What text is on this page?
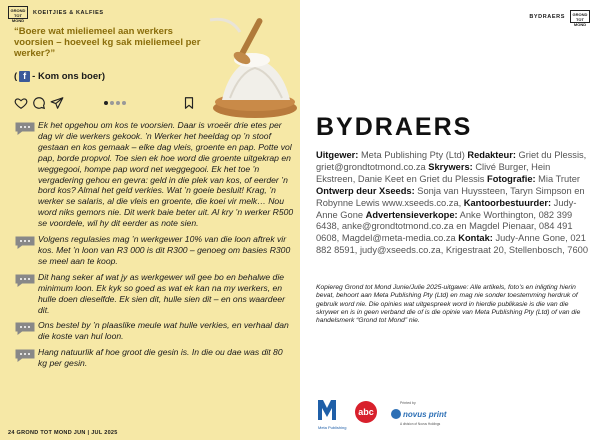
GROND TOT MOND
KOEITJIES & KALFIES
“Boere wat mieliemeel aan werkers voorsien – hoeveel kg sak mieliemeel per werker?”
( f - Kom ons boer)
Ek het opgehou om kos te voorsien. Daar is vroeër drie etes per dag vir die werkers gekook. ’n Werker het heeldag op ’n stoof gestaan en kos gemaak – elke dag vleis, groente en pap. Potte vol pap, borde propvol. Toe sien ek hoe word die groente uitgekrap en weggegooi, hompe pap word net weggegooi. Ek het toe ’n vergadering gehou en gevra: geld in die plek van kos, of eerder ’n bord kos? Almal het geld verkies. Wat ’n goeie besluit! Krag, ’n werker se salaris, al die vleis en groente, die koei vir melk… Nou word niks gemors nie. Dit werk baie beter uit. Al kry ’n werker R500 se voordele, wil hy dit eerder as note sien.
Volgens regulasies mag ’n werkgewer 10% van die loon aftrek vir kos. Met ’n loon van R3 000 is dit R300 – genoeg om basies R300 se meel aan te koop.
Dit hang seker af wat jy as werkgewer wil gee bo en behalwe die minimum loon. Ek kyk so goed as wat ek kan na my werkers, en hulle doen dieselfde. Ek sien dit, hulle sien dit – en ons waardeer dit.
Ons bestel by ’n plaaslike meule wat hulle verkies, en verhaal dan die koste van hul loon.
Hang natuurlik af hoe groot die gesin is. In die ou dae was dit 80 kg per gesin.
24 GROND TOT MOND JUN | JUL 2025
BYDRAERS	GROND TOT MOND
BYDRAERS
Uitgewer: Meta Publishing Pty (Ltd) Redakteur: Griet du Plessis, griet@grondtotmond.co.za Skrywers: Clivé Burger, Hein Ekstreen, Danie Keet en Griet du Plessis Fotografie: Mia Truter Ontwerp deur Xseeds: Sonja van Huyssteen, Taryn Simpson en Robynne Lewis www.xseeds.co.za, Kantoorbestuurder: Judy-Anne Gone Advertensieverkope: Anke Worthington, 082 399 6438, anke@grondtotmond.co.za en Magdel Pienaar, 084 491 0608, Magdel@meta-media.co.za Kontak: Judy-Anne Gone, 021 882 8591, judy@xseeds.co.za, Krigestraat 20, Stellenbosch, 7600
Kopiereg Grond tot Mond Junie/Julie 2025-uitgawe: Alle artikels, foto’s en inligting hierin bevat, behoort aan Meta Publishing Pty (Ltd) en mag nie sonder toestemming herdruk of gebruik word nie. Die opinies wat uitgespreek word in hierdie publikasie is die van die skrywer en is in geen verband die of is die opinie van Meta Publishing Pty (Ltd) of van die handelsmerk “Grond tot Mond” nie.
Meta Publishing
abc
Printed by
novus print
A division of Novus Holdings
